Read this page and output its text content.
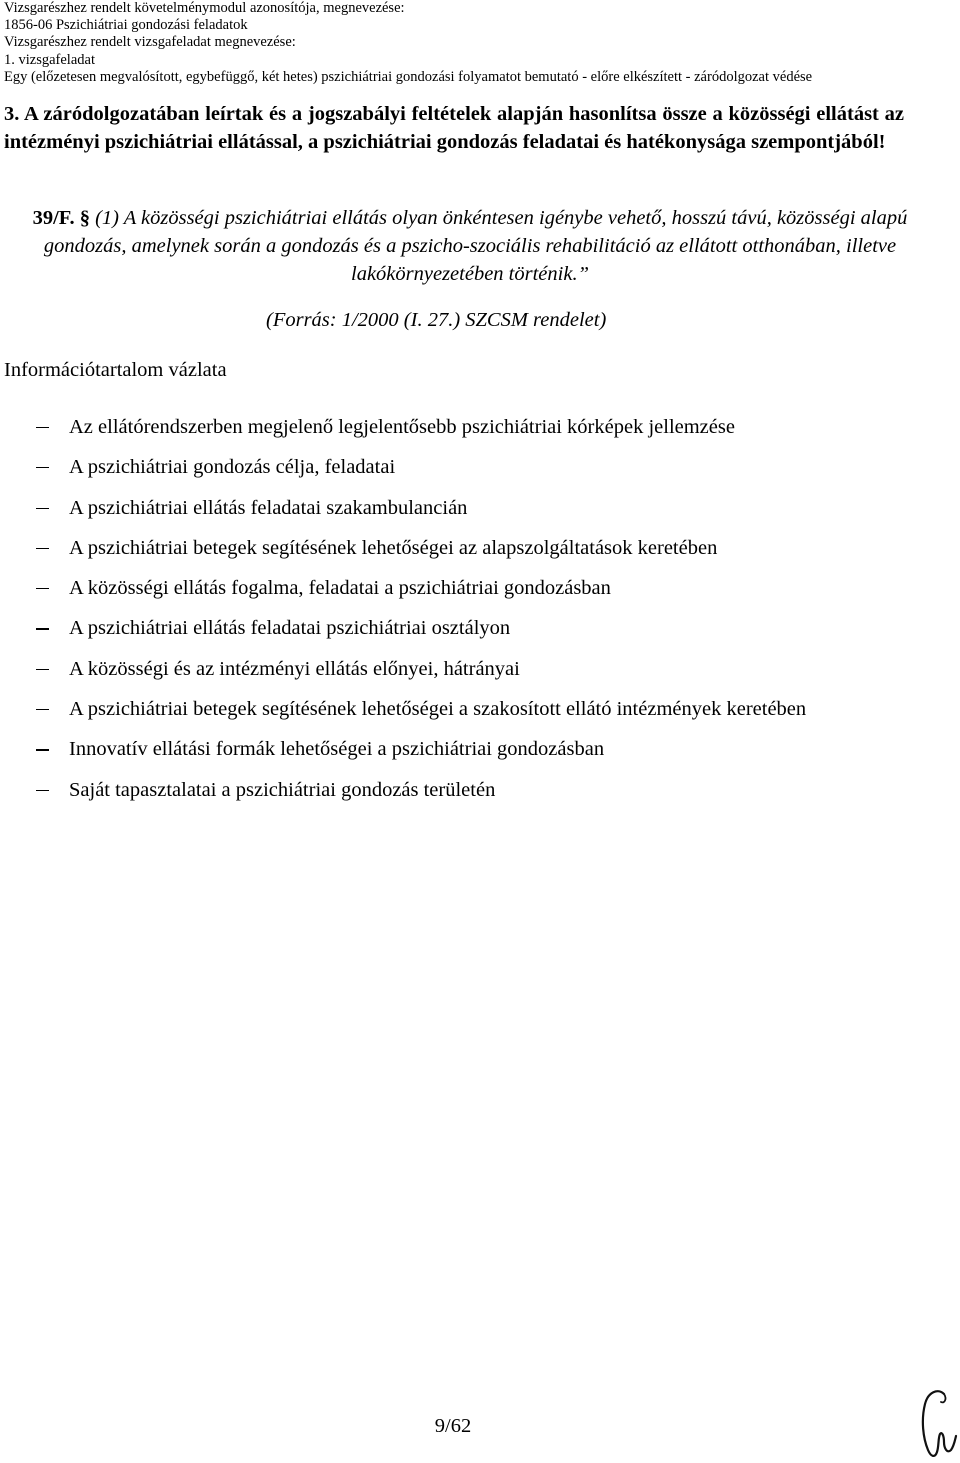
Vizsgarészhez rendelt követelménymodul azonosítója, megnevezése:
1856-06 Pszichiátriai gondozási feladatok
Vizsgarészhez rendelt vizsgafeladat megnevezése:
1. vizsgafeladat
Egy (előzetesen megvalósított, egybefüggő, két hetes) pszichiátriai gondozási folyamatot bemutató - előre elkészített - záródolgozat védése
3. A záródolgozatában leírtak és a jogszabályi feltételek alapján hasonlítsa össze a közösségi ellátást az intézményi pszichiátriai ellátással, a pszichiátriai gondozás feladatai és hatékonysága szempontjából!
39/F. § (1) A közösségi pszichiátriai ellátás olyan önkéntesen igénybe vehető, hosszú távú, közösségi alapú gondozás, amelynek során a gondozás és a pszicho-szociális rehabilitáció az ellátott otthonában, illetve lakókörnyezetében történik.”
(Forrás: 1/2000 (I. 27.) SZCSM rendelet)
Információtartalom vázlata
Az ellátórendszerben megjelenő legjelentősebb pszichiátriai kórképek jellemzése
A pszichiátriai gondozás célja, feladatai
A pszichiátriai ellátás feladatai szakambulancián
A pszichiátriai betegek segítésének lehetőségei az alapszolgáltatások keretében
A közösségi ellátás fogalma, feladatai a pszichiátriai gondozásban
A pszichiátriai ellátás feladatai pszichiátriai osztályon
A közösségi és az intézményi ellátás előnyei, hátrányai
A pszichiátriai betegek segítésének lehetőségei a szakosított ellátó intézmények keretében
Innovatív ellátási formák lehetőségei a pszichiátriai gondozásban
Saját tapasztalatai a pszichiátriai gondozás területén
9/62
